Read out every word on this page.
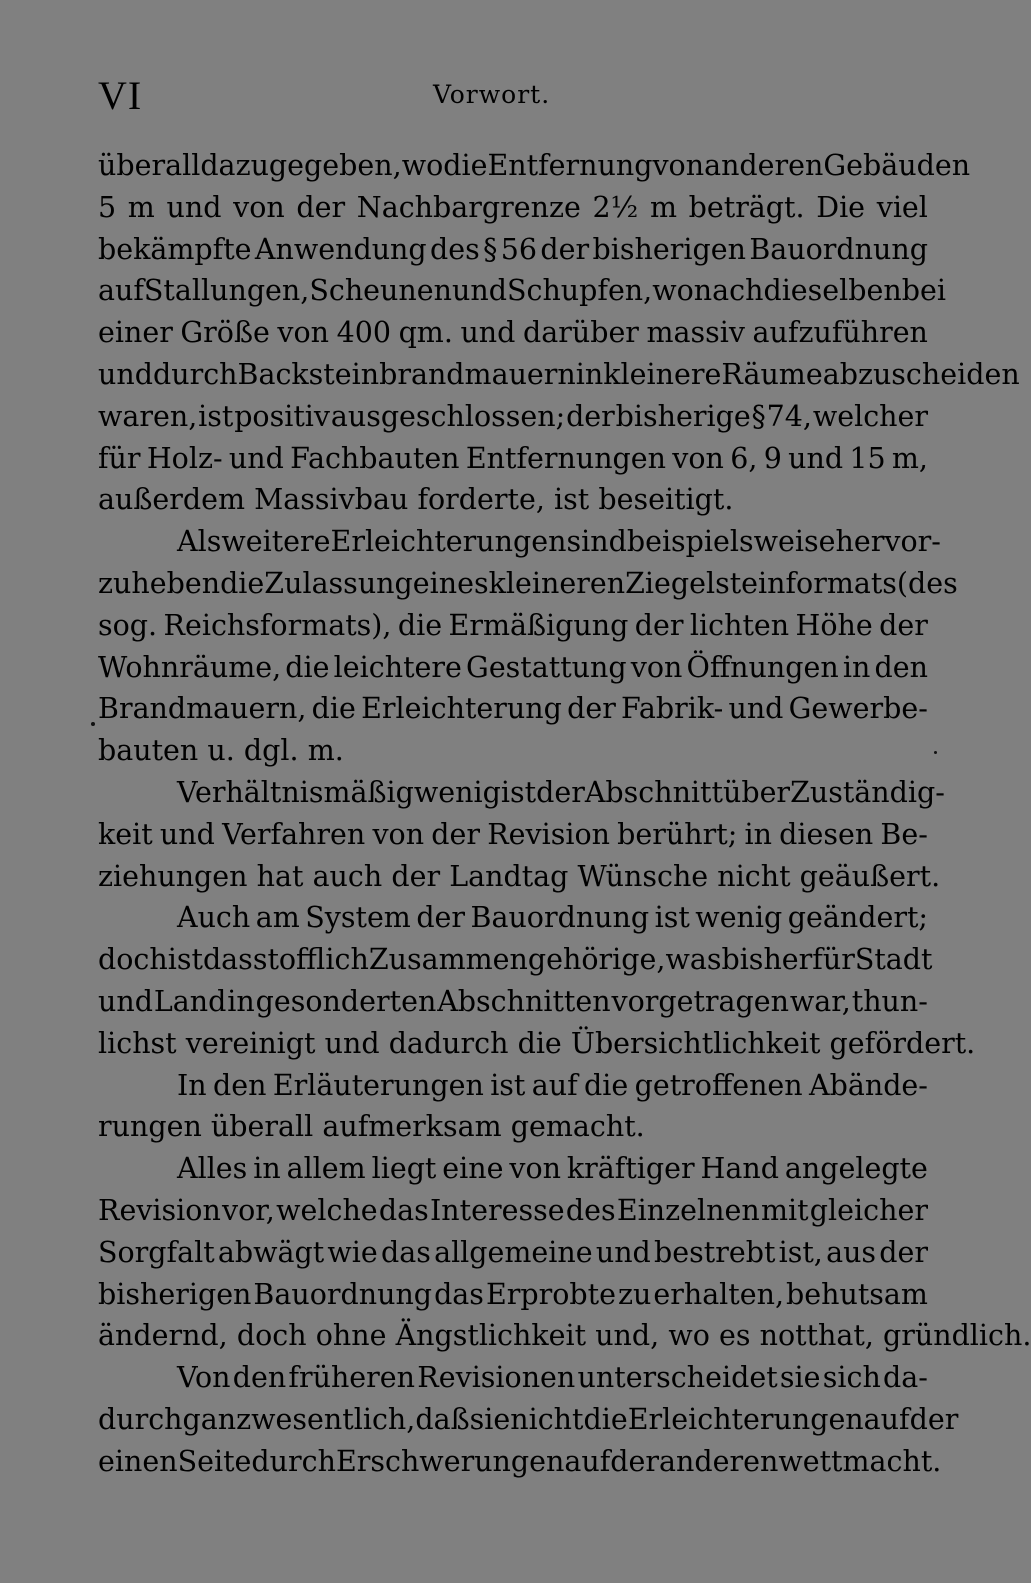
VI	Vorwort.
überall da zugegeben, wo die Entfernung von anderen Gebäuden
5 m und von der Nachbargrenze 2½ m beträgt. Die viel
bekämpfte Anwendung des § 56 der bisherigen Bauordnung
auf Stallungen, Scheunen und Schupfen, wonach dieselben bei
einer Größe von 400 qm. und darüber massiv aufzuführen
und durch Backsteinbrandmauern in kleinere Räume abzuscheiden
waren, ist positiv ausgeschlossen; der bisherige § 74, welcher
für Holz- und Fachbauten Entfernungen von 6, 9 und 15 m,
außerdem Massivbau forderte, ist beseitigt.
Als weitere Erleichterungen sind beispielsweise hervor-
zuheben die Zulassung eines kleineren Ziegelsteinformats (des
sog. Reichsformats), die Ermäßigung der lichten Höhe der
Wohnräume, die leichtere Gestattung von Öffnungen in den
Brandmauern, die Erleichterung der Fabrik- und Gewerbe-
bauten u. dgl. m.
Verhältnismäßig wenig ist der Abschnitt über Zuständig-
keit und Verfahren von der Revision berührt; in diesen Be-
ziehungen hat auch der Landtag Wünsche nicht geäußert.
Auch am System der Bauordnung ist wenig geändert;
doch ist das stofflich Zusammengehörige, was bisher für Stadt
und Land in gesonderten Abschnitten vorgetragen war, thun-
lichst vereinigt und dadurch die Übersichtlichkeit gefördert.
In den Erläuterungen ist auf die getroffenen Abände-
rungen überall aufmerksam gemacht.
Alles in allem liegt eine von kräftiger Hand angelegte
Revision vor, welche das Interesse des Einzelnen mit gleicher
Sorgfalt abwägt wie das allgemeine und bestrebt ist, aus der
bisherigen Bauordnung das Erprobte zu erhalten, behutsam
ändernd, doch ohne Ängstlichkeit und, wo es notthat, gründlich.
Von den früheren Revisionen unterscheidet sie sich da-
durch ganz wesentlich, daß sie nicht die Erleichterungen auf der
einen Seite durch Erschwerungen auf der anderen wett macht.
